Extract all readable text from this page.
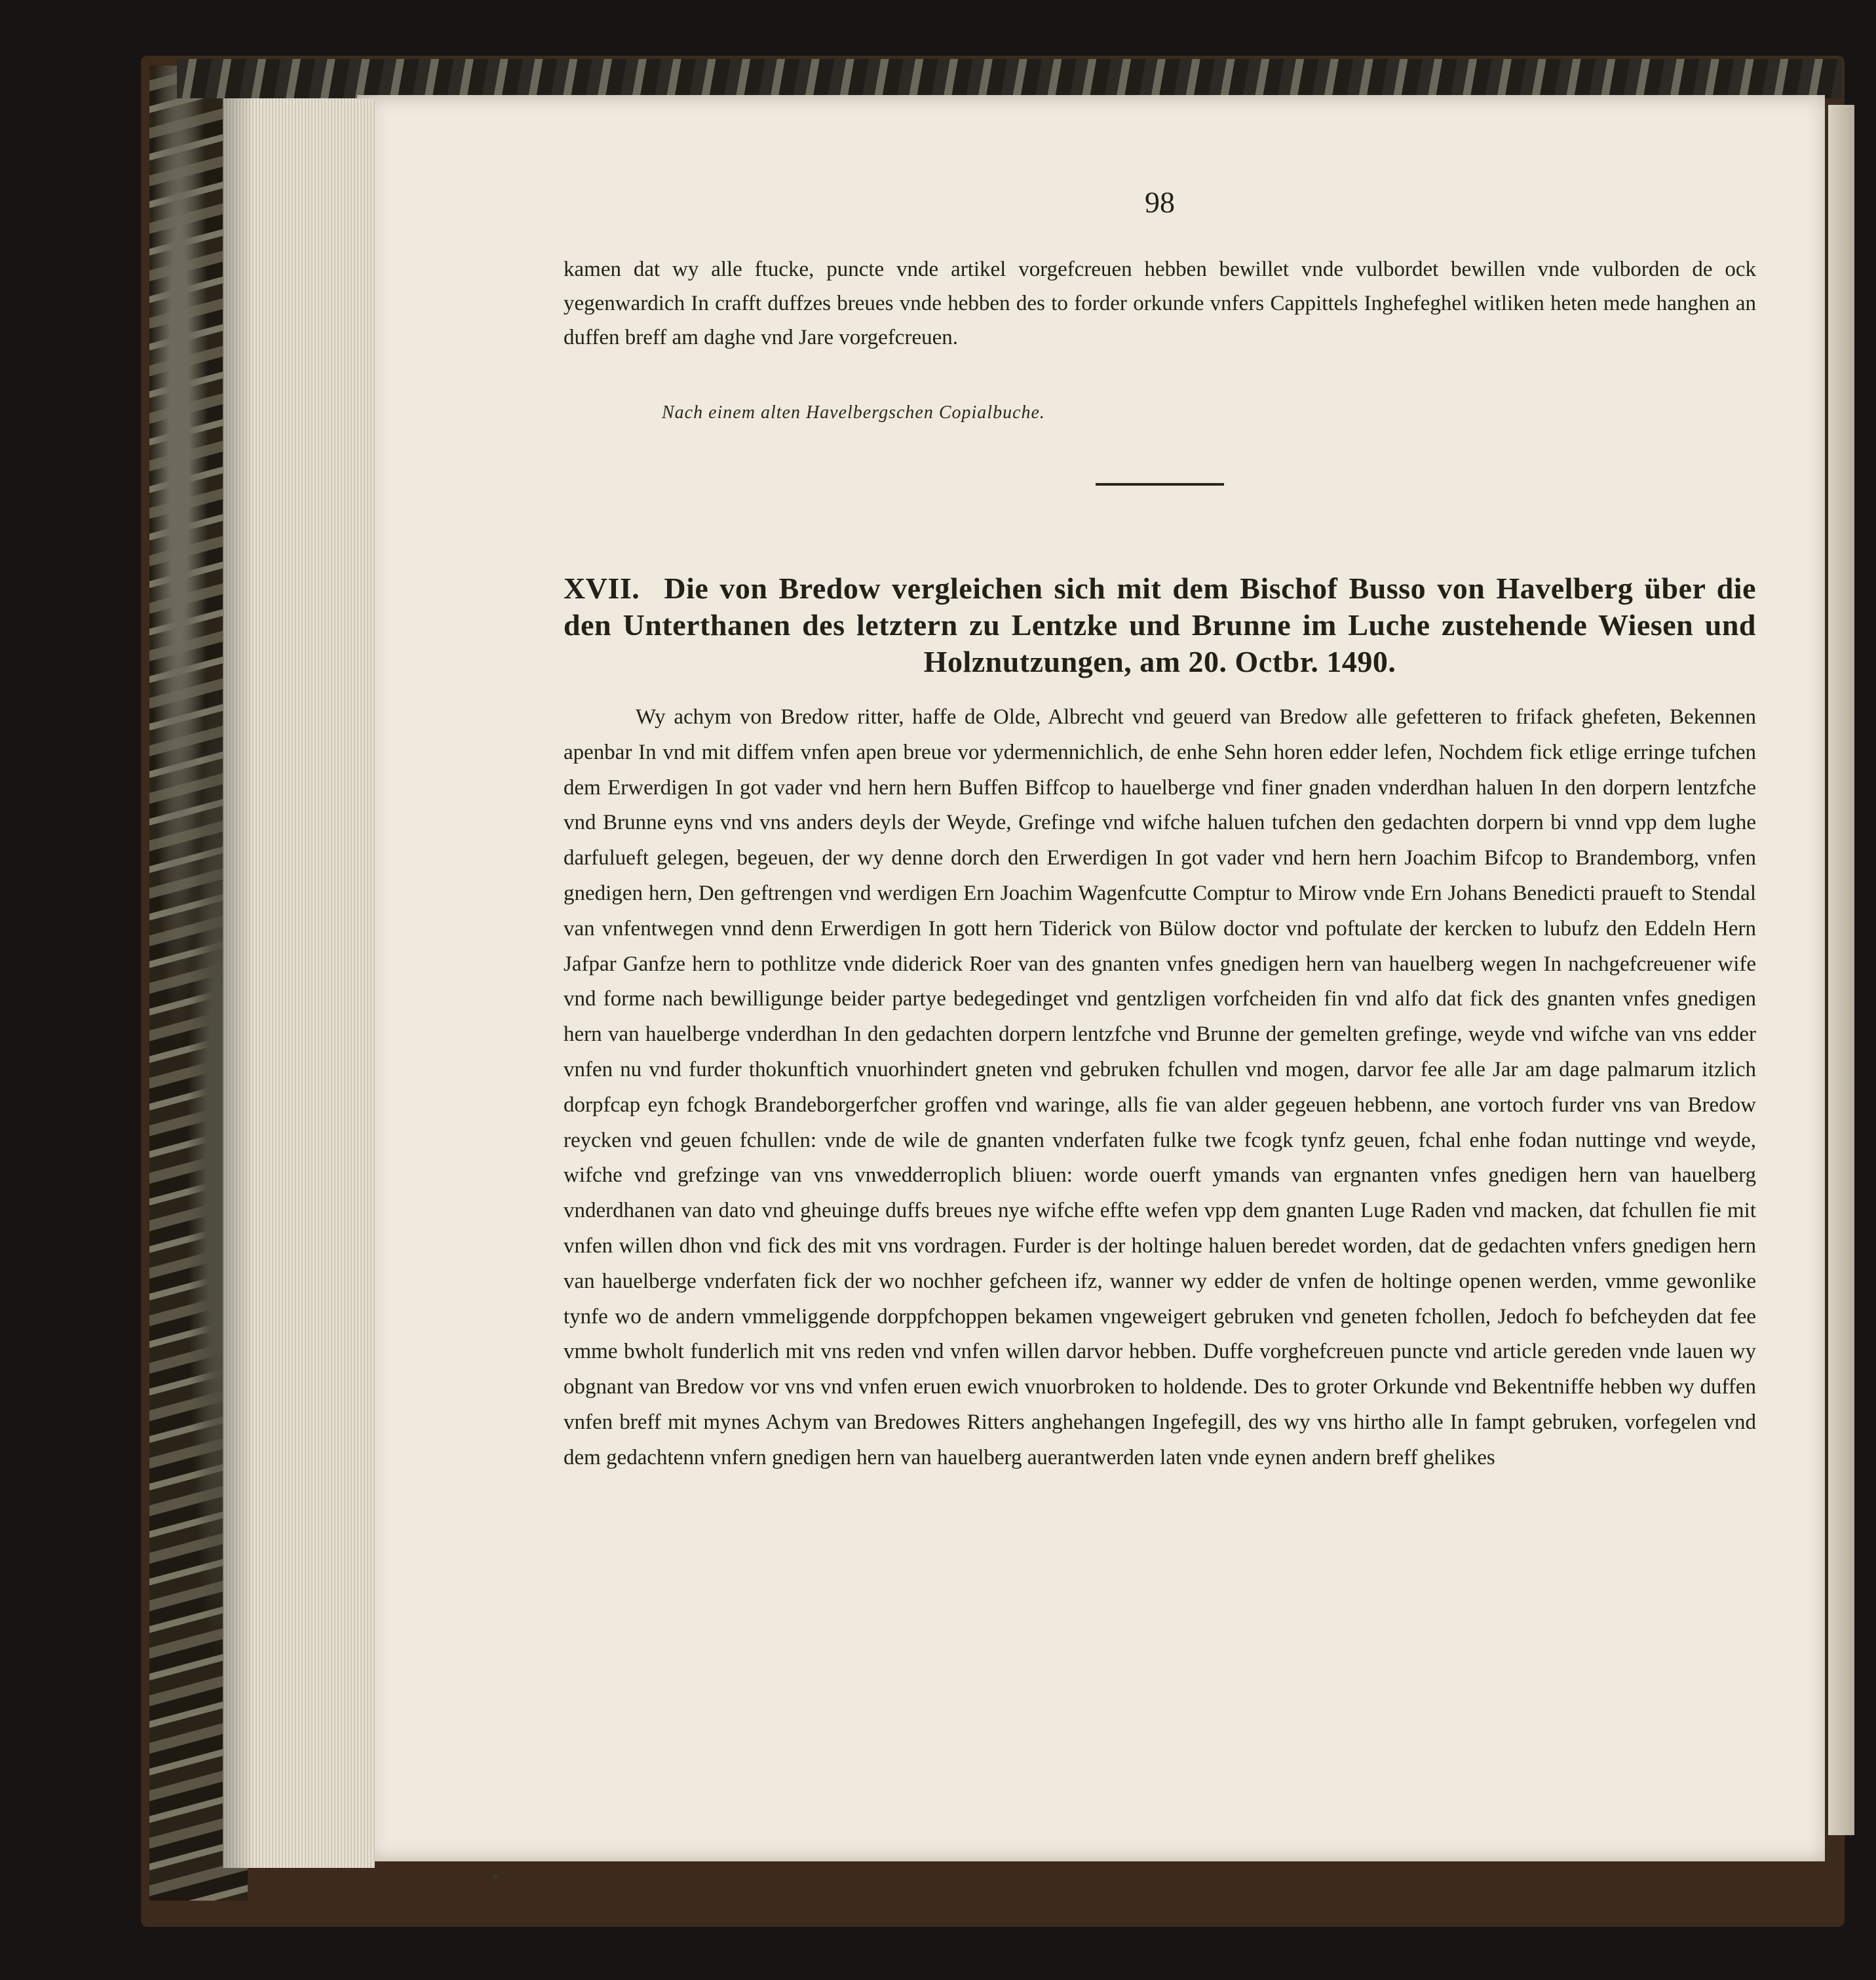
98
kamen dat wy alle ftucke, puncte vnde artikel vorgefcreuen hebben bewillet vnde vulbordet bewillen vnde vulborden de ock yegenwardich In crafft duffzes breues vnde hebben des to forder orkunde vnfers Cappittels Inghefeghel witliken heten mede hanghen an duffen breff am daghe vnd Jare vorgefcreuen.
Nach einem alten Havelbergschen Copialbuche.
XVII. Die von Bredow vergleichen sich mit dem Bischof Busso von Havelberg über die den Unterthanen des letztern zu Lentzke und Brunne im Luche zustehende Wiesen und Holznutzungen, am 20. Octbr. 1490.
Wy achym von Bredow ritter, haffe de Olde, Albrecht vnd geuerd van Bredow alle gefetteren to frifack ghefeten, Bekennen apenbar In vnd mit diffem vnfen apen breue vor ydermennichlich, de enhe Sehn horen edder lefen, Nochdem fick etlige erringe tufchen dem Erwerdigen In got vader vnd hern hern Buffen Biffcop to hauelberge vnd finer gnaden vnderdhan haluen In den dorpern lentzfche vnd Brunne eyns vnd vns anders deyls der Weyde, Grefinge vnd wifche haluen tufchen den gedachten dorpern bi vnnd vpp dem lughe darfulueft gelegen, begeuen, der wy denne dorch den Erwerdigen In got vader vnd hern hern Joachim Bifcop to Brandemborg, vnfen gnedigen hern, Den geftrengen vnd werdigen Ern Joachim Wagenfcutte Comptur to Mirow vnde Ern Johans Benedicti praueft to Stendal van vnfentwegen vnnd denn Erwerdigen In gott hern Tiderick von Bülow doctor vnd poftulate der kercken to lubufz den Eddeln Hern Jafpar Ganfze hern to pothlitze vnde diderick Roer van des gnanten vnfes gnedigen hern van hauelberg wegen In nachgefcreuener wife vnd forme nach bewilligunge beider partye bedegedinget vnd gentzligen vorfcheiden fin vnd alfo dat fick des gnanten vnfes gnedigen hern van hauelberge vnderdhan In den gedachten dorpern lentzfche vnd Brunne der gemelten grefinge, weyde vnd wifche van vns edder vnfen nu vnd furder thokunftich vnuorhindert gneten vnd gebruken fchullen vnd mogen, darvor fee alle Jar am dage palmarum itzlich dorpfcap eyn fchogk Brandeborgerfcher groffen vnd waringe, alls fie van alder gegeuen hebbenn, ane vortoch furder vns van Bredow reycken vnd geuen fchullen: vnde de wile de gnanten vnderfaten fulke twe fcogk tynfz geuen, fchal enhe fodan nuttinge vnd weyde, wifche vnd grefzinge van vns vnwedderroplich bliuen: worde ouerft ymands van ergnanten vnfes gnedigen hern van hauelberg vnderdhanen van dato vnd gheuinge duffs breues nye wifche effte wefen vpp dem gnanten Luge Raden vnd macken, dat fchullen fie mit vnfen willen dhon vnd fick des mit vns vordragen. Furder is der holtinge haluen beredet worden, dat de gedachten vnfers gnedigen hern van hauelberge vnderfaten fick der wo nochher gefcheen ifz, wanner wy edder de vnfen de holtinge openen werden, vmme gewonlike tynfe wo de andern vmmeliggende dorppfchoppen bekamen vngeweigert gebruken vnd geneten fchollen, Jedoch fo befcheyden dat fee vmme bwholt funderlich mit vns reden vnd vnfen willen darvor hebben. Duffe vorghefcreuen puncte vnd article gereden vnde lauen wy obgnant van Bredow vor vns vnd vnfen eruen ewich vnuorbroken to holdende. Des to groter Orkunde vnd Bekentniffe hebben wy duffen vnfen breff mit mynes Achym van Bredowes Ritters anghehangen Ingefegill, des wy vns hirtho alle In fampt gebruken, vorfegelen vnd dem gedachtenn vnfern gnedigen hern van hauelberg auerantwerden laten vnde eynen andern breff ghelikes
